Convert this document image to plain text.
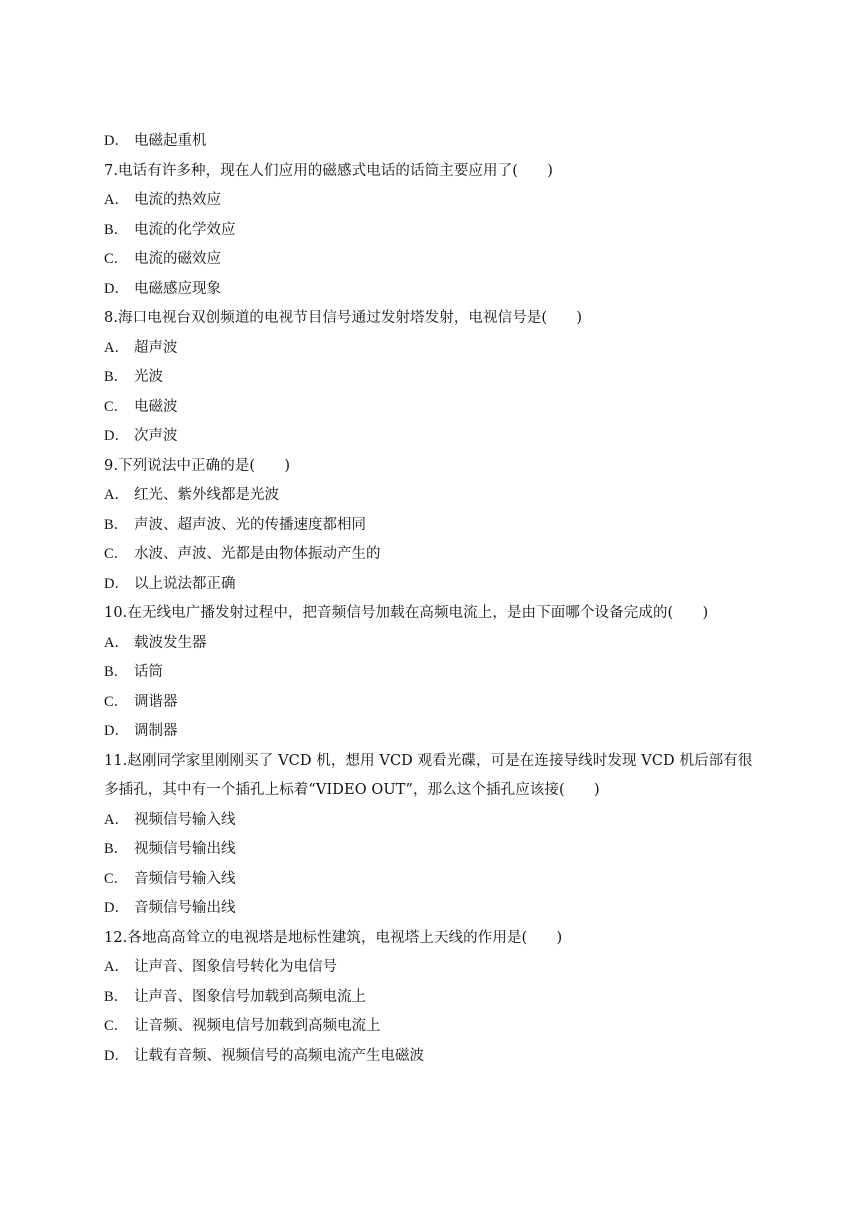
D． 电磁起重机
7.电话有许多种，现在人们应用的磁感式电话的话筒主要应用了(　　)
A． 电流的热效应
B． 电流的化学效应
C． 电流的磁效应
D． 电磁感应现象
8.海口电视台双创频道的电视节目信号通过发射塔发射，电视信号是(　　)
A． 超声波
B． 光波
C． 电磁波
D． 次声波
9.下列说法中正确的是(　　)
A． 红光、紫外线都是光波
B． 声波、超声波、光的传播速度都相同
C． 水波、声波、光都是由物体振动产生的
D． 以上说法都正确
10.在无线电广播发射过程中，把音频信号加载在高频电流上，是由下面哪个设备完成的(　　)
A． 载波发生器
B． 话筒
C． 调谐器
D． 调制器
11.赵刚同学家里刚刚买了 VCD 机，想用 VCD 观看光碟，可是在连接导线时发现 VCD 机后部有很
多插孔，其中有一个插孔上标着“VIDEO OUT”，那么这个插孔应该接(　　)
A． 视频信号输入线
B． 视频信号输出线
C． 音频信号输入线
D． 音频信号输出线
12.各地高高耸立的电视塔是地标性建筑，电视塔上天线的作用是(　　)
A． 让声音、图象信号转化为电信号
B． 让声音、图象信号加载到高频电流上
C． 让音频、视频电信号加载到高频电流上
D． 让载有音频、视频信号的高频电流产生电磁波
